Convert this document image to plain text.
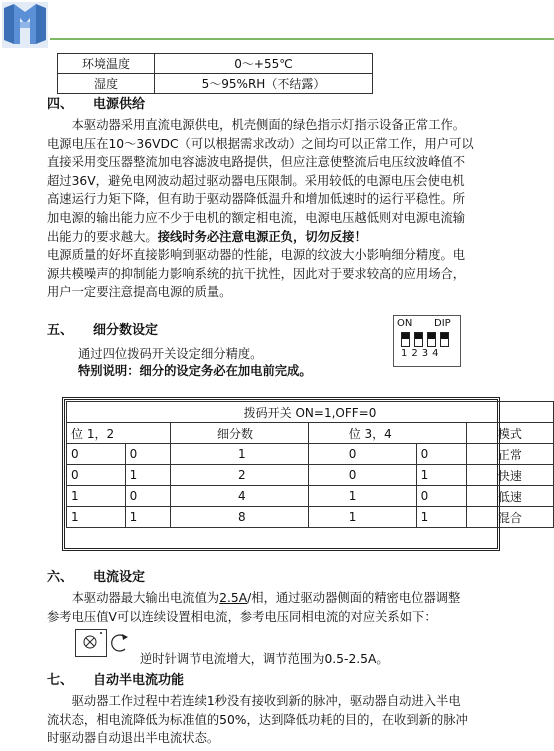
环境温度	0～+55℃
湿度	5～95%RH（不结露）
四、 电源供给
本驱动器采用直流电源供电，机壳侧面的绿色指示灯指示设备正常工作。
电源电压在10～36VDC（可以根据需求改动）之间均可以正常工作，用户可以
直接采用变压器整流加电容滤波电路提供，但应注意使整流后电压纹波峰值不
超过36V，避免电网波动超过驱动器电压限制。采用较低的电源电压会使电机
高速运行力矩下降，但有助于驱动器降低温升和增加低速时的运行平稳性。所
加电源的输出能力应不少于电机的额定相电流，电源电压越低则对电源电流输
出能力的要求越大。接线时务必注意电源正负，切勿反接！
电源质量的好坏直接影响到驱动器的性能，电源的纹波大小影响细分精度。电
源共模噪声的抑制能力影响系统的抗干扰性，因此对于要求较高的应用场合，
用户一定要注意提高电源的质量。
五、 细分数设定
通过四位拨码开关设定细分精度。
特别说明：细分的设定务必在加电前完成。
ON DIP
1234
拨码开关 ON=1,OFF=0					
位 1，2		细分数	位 3，4		模式
0	0	1	0	0	正常
0	1	2	0	1	快速
1	0	4	1	0	低速
1	1	8	1	1	混合
六、 电流设定
本驱动器最大输出电流值为2.5A/相，通过驱动器侧面的精密电位器调整
参考电压值V可以连续设置相电流，参考电压同相电流的对应关系如下：
逆时针调节电流增大，调节范围为0.5-2.5A。
七、 自动半电流功能
驱动器工作过程中若连续1秒没有接收到新的脉冲，驱动器自动进入半电
流状态，相电流降低为标准值的50%，达到降低功耗的目的，在收到新的脉冲
时驱动器自动退出半电流状态。
